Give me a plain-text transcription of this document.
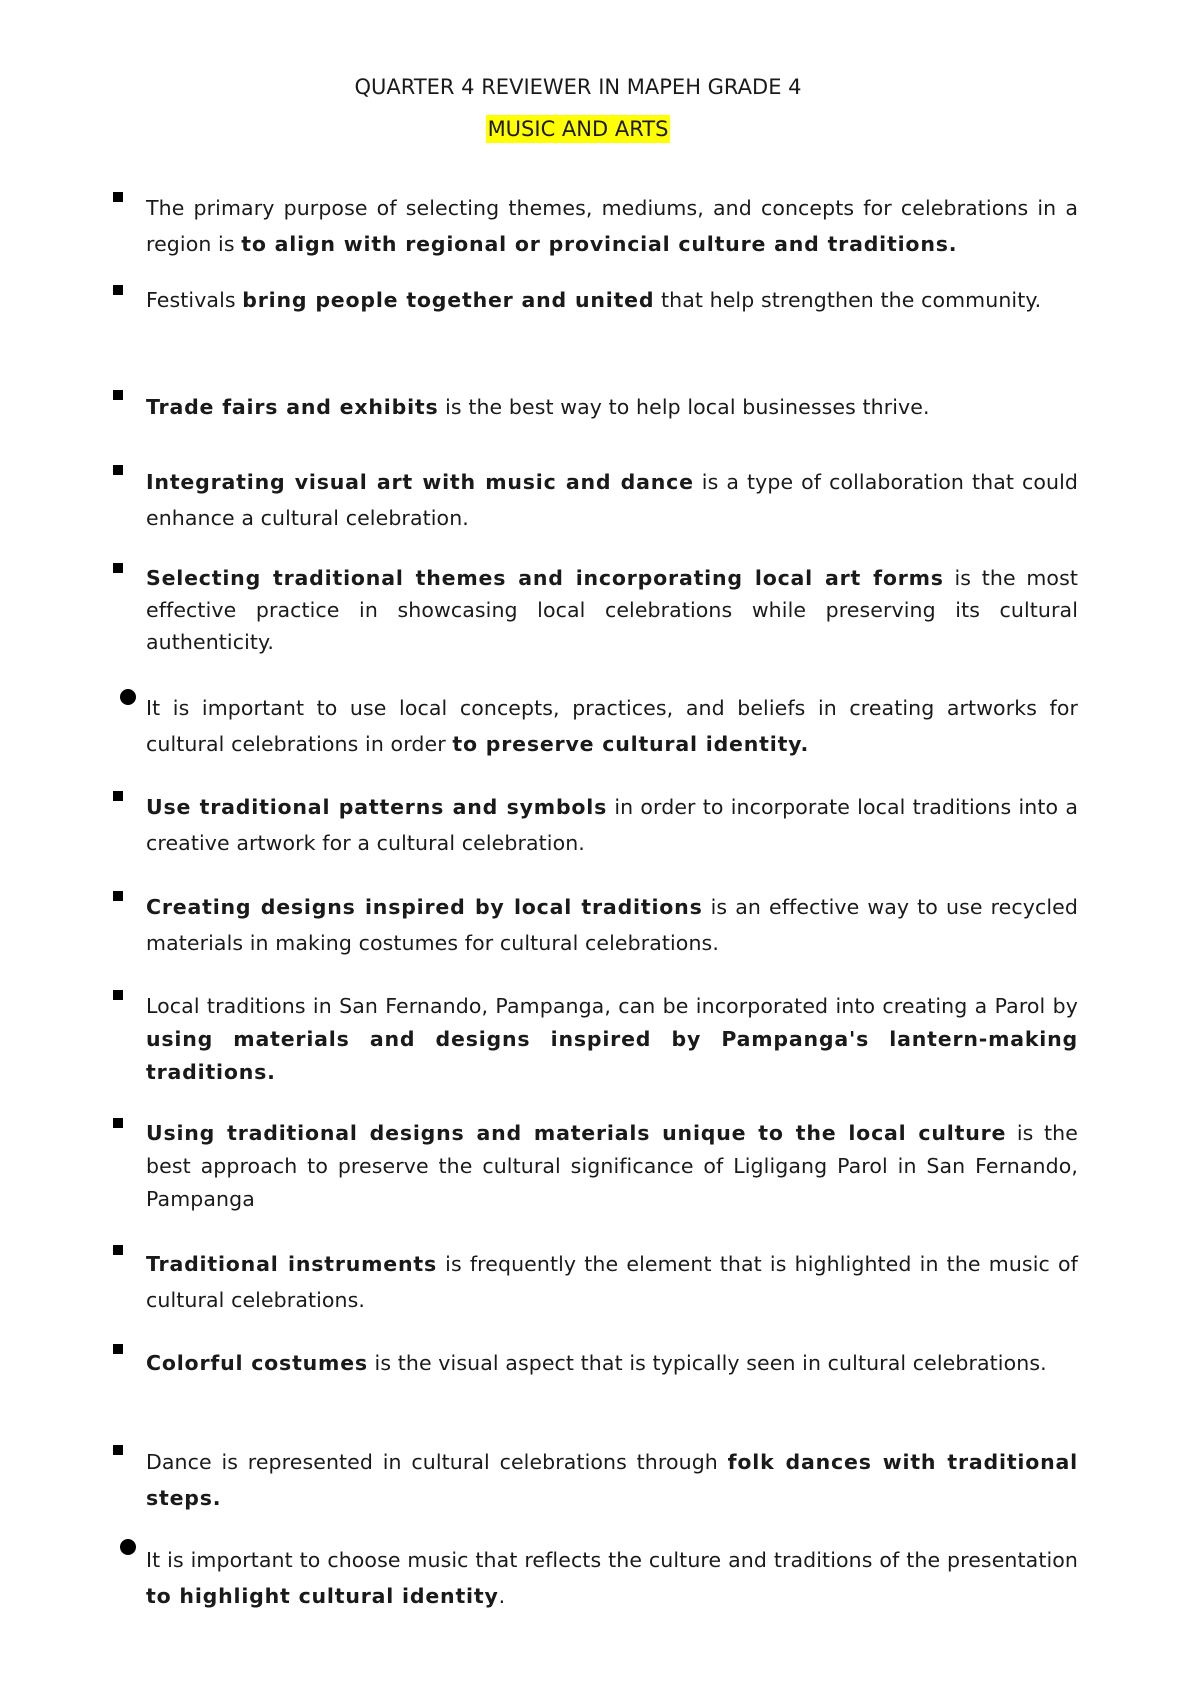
QUARTER 4 REVIEWER IN MAPEH GRADE 4
MUSIC AND ARTS
The primary purpose of selecting themes, mediums, and concepts for celebrations in a region is to align with regional or provincial culture and traditions.
Festivals bring people together and united that help strengthen the community.
Trade fairs and exhibits is the best way to help local businesses thrive.
Integrating visual art with music and dance is a type of collaboration that could enhance a cultural celebration.
Selecting traditional themes and incorporating local art forms is the most effective practice in showcasing local celebrations while preserving its cultural authenticity.
It is important to use local concepts, practices, and beliefs in creating artworks for cultural celebrations in order to preserve cultural identity.
Use traditional patterns and symbols in order to incorporate local traditions into a creative artwork for a cultural celebration.
Creating designs inspired by local traditions is an effective way to use recycled materials in making costumes for cultural celebrations.
Local traditions in San Fernando, Pampanga, can be incorporated into creating a Parol by using materials and designs inspired by Pampanga's lantern-making traditions.
Using traditional designs and materials unique to the local culture is the best approach to preserve the cultural significance of Ligligang Parol in San Fernando, Pampanga
Traditional instruments is frequently the element that is highlighted in the music of cultural celebrations.
Colorful costumes is the visual aspect that is typically seen in cultural celebrations.
Dance is represented in cultural celebrations through folk dances with traditional steps.
It is important to choose music that reflects the culture and traditions of the presentation to highlight cultural identity.
